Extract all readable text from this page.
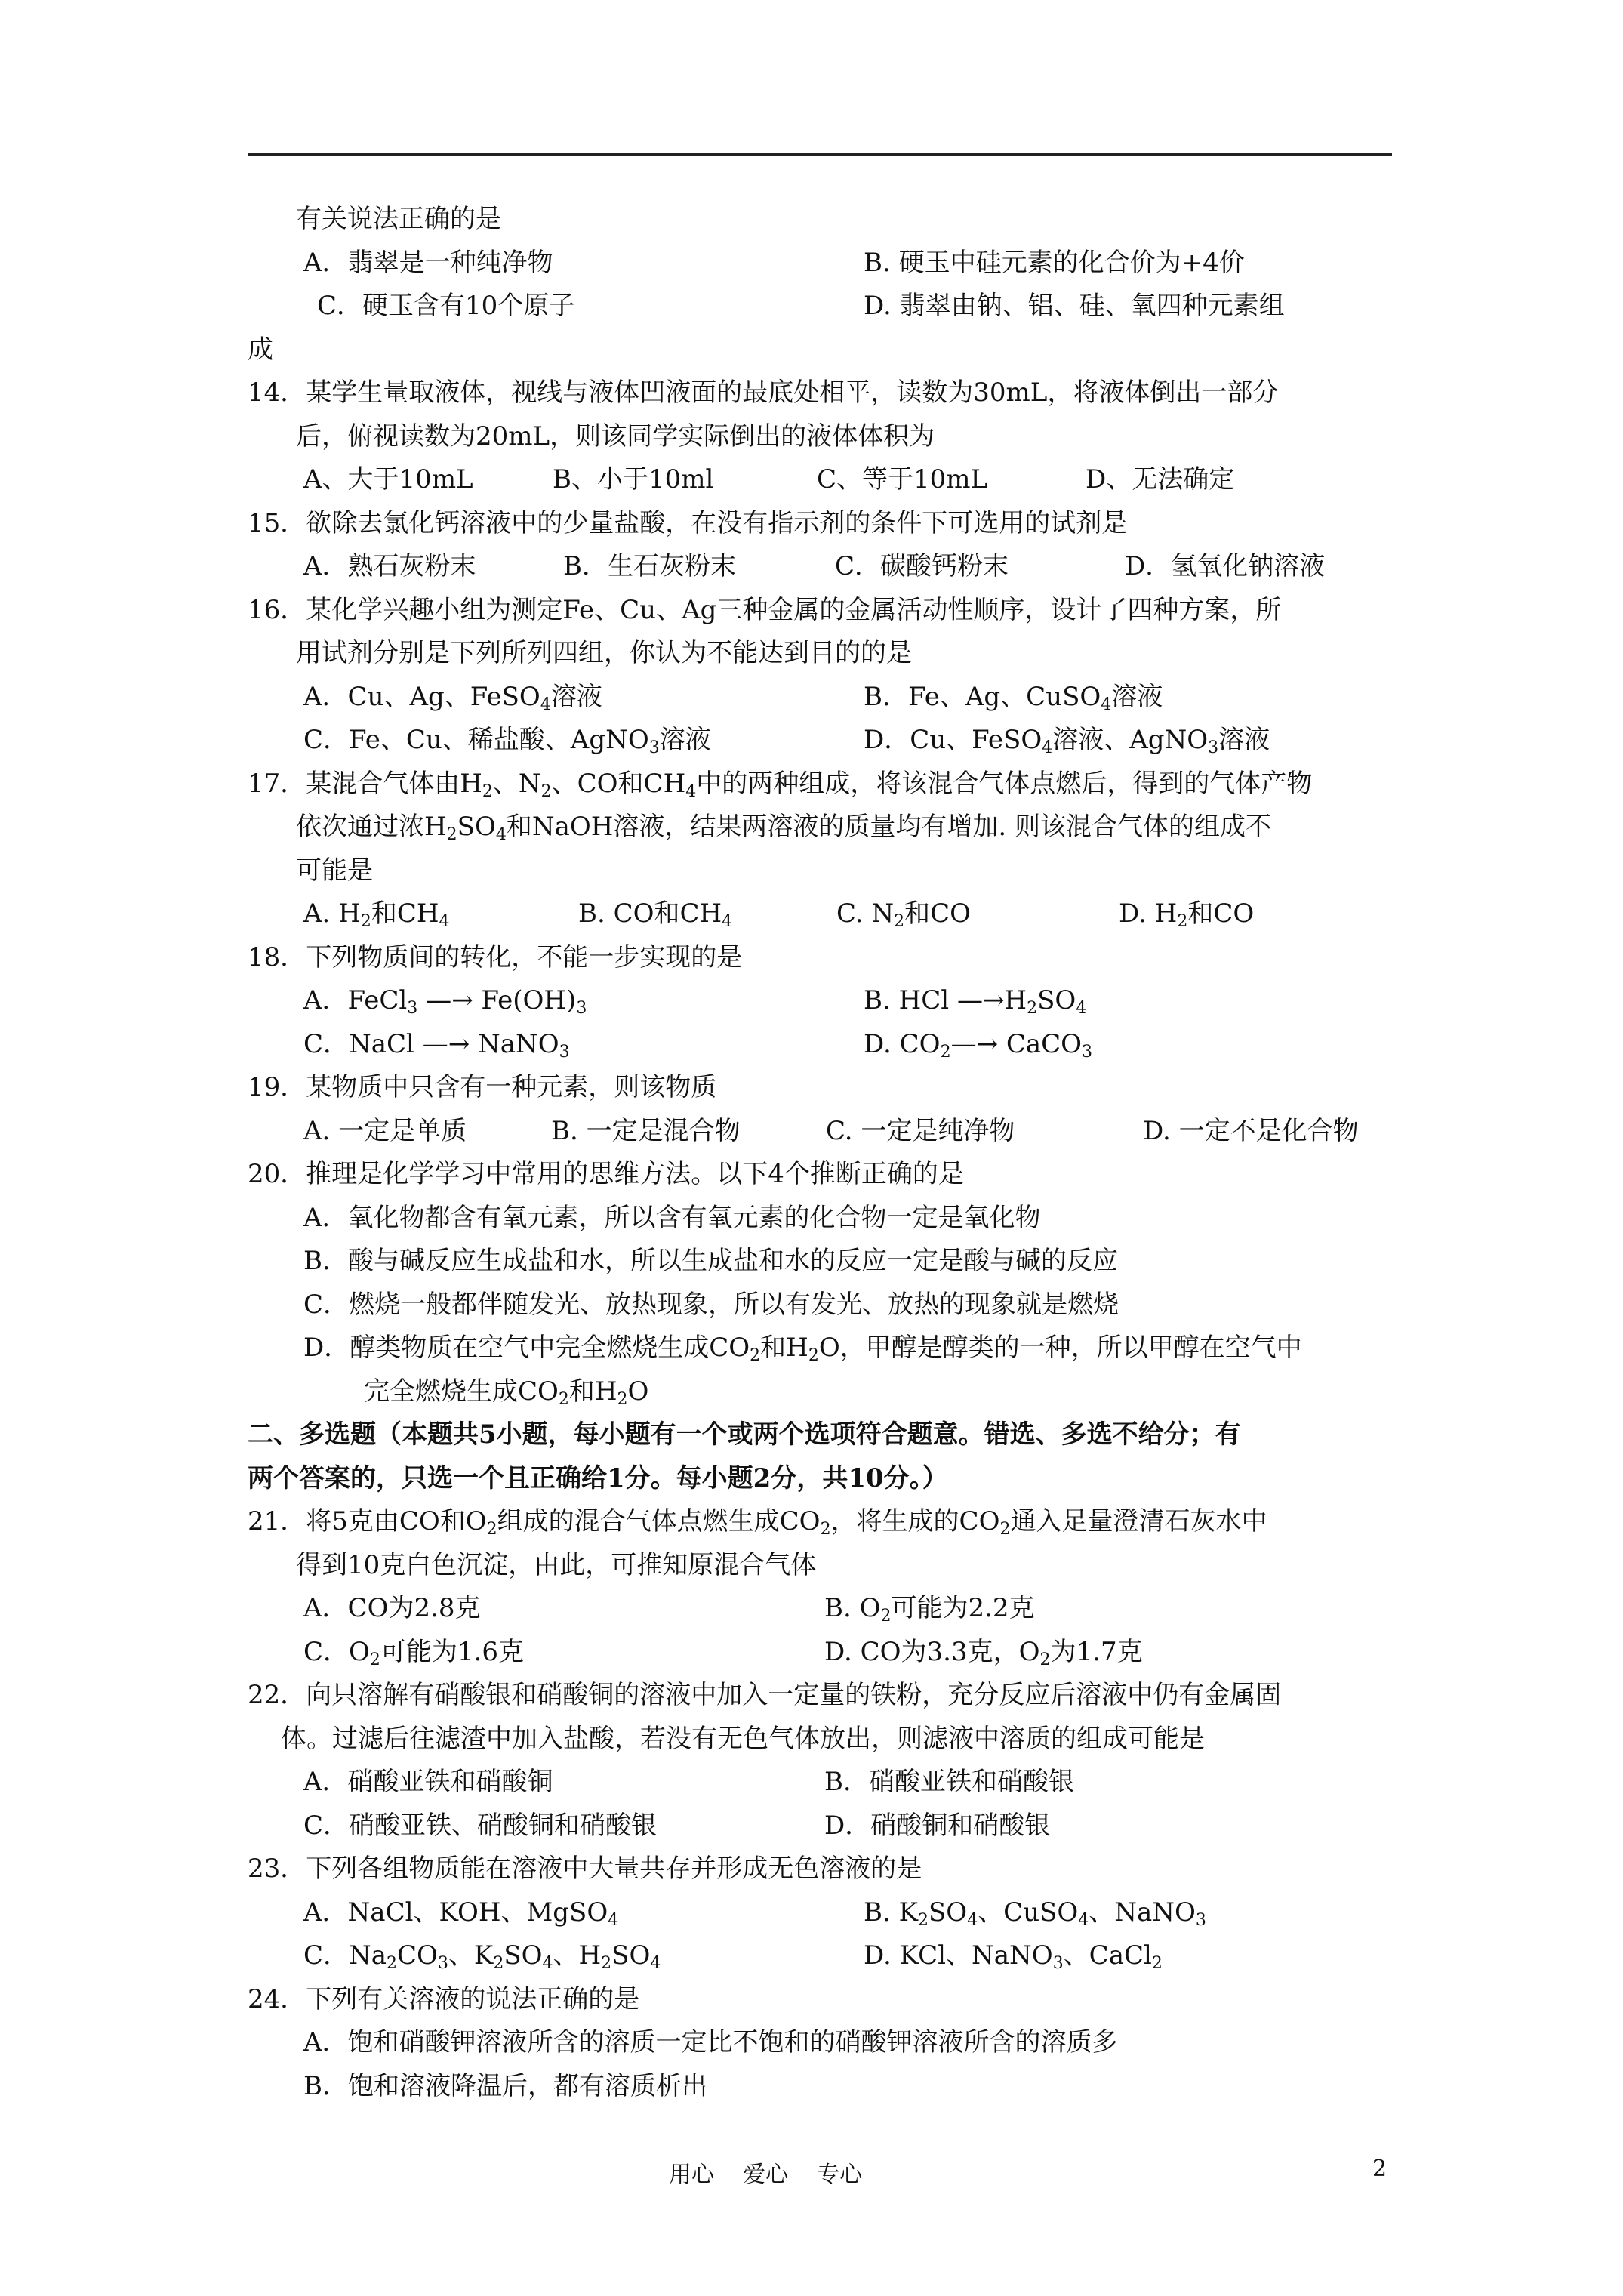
有关说法正确的是
A．翡翠是一种纯净物	B. 硬玉中硅元素的化合价为+4价
C．硬玉含有10个原子	D. 翡翠由钠、铝、硅、氧四种元素组
成
14．某学生量取液体，视线与液体凹液面的最底处相平，读数为30mL，将液体倒出一部分
后，俯视读数为20mL，则该同学实际倒出的液体体积为
A、大于10mL	B、小于10ml	C、等于10mL	D、无法确定
15．欲除去氯化钙溶液中的少量盐酸，在没有指示剂的条件下可选用的试剂是
A．熟石灰粉末	B．生石灰粉末	C．碳酸钙粉末	D．氢氧化钠溶液
16．某化学兴趣小组为测定Fe、Cu、Ag三种金属的金属活动性顺序，设计了四种方案，所
用试剂分别是下列所列四组，你认为不能达到目的的是
A．Cu、Ag、FeSO$_4$溶液	B．Fe、Ag、CuSO$_4$溶液
C．Fe、Cu、稀盐酸、AgNO$_3$溶液	D．Cu、FeSO$_4$溶液、AgNO$_3$溶液
17．某混合气体由$H_2$、$N_2$、CO和$CH_4$中的两种组成，将该混合气体点燃后，得到的气体产物
依次通过浓$H_2SO_4$和NaOH溶液，结果两溶液的质量均有增加. 则该混合气体的组成不
可能是
A. $H_2$和$CH_4$	B. CO和$CH_4$	C. $N_2$和CO	D. $H_2$和CO
18．下列物质间的转化，不能一步实现的是
A．FeCl$_3$ —→ $Fe(OH)_3$	B. HCl $—\to H_2SO_4$
C．NaCl —→ NaNO$_3$	D. $CO_2—\to$ CaCO$_3$
19．某物质中只含有一种元素，则该物质
A. 一定是单质	B. 一定是混合物	C. 一定是纯净物	D. 一定不是化合物
20．推理是化学学习中常用的思维方法。以下4个推断正确的是
A．氧化物都含有氧元素，所以含有氧元素的化合物一定是氧化物
B．酸与碱反应生成盐和水，所以生成盐和水的反应一定是酸与碱的反应
C．燃烧一般都伴随发光、放热现象，所以有发光、放热的现象就是燃烧
D．醇类物质在空气中完全燃烧生成$CO_2$和$H_2O$，甲醇是醇类的一种，所以甲醇在空气中
完全燃烧生成$CO_2$和$H_2O$
二、多选题（本题共5小题，每小题有一个或两个选项符合题意。错选、多选不给分；有
两个答案的，只选一个且正确给1分。每小题2分，共10分。）
21．将5克由CO和$O_2$组成的混合气体点燃生成$CO_2$，将生成的$CO_2$通入足量澄清石灰水中
得到10克白色沉淀，由此，可推知原混合气体
A．CO为2.8克	B. $O_2$可能为2.2克
C．$O_2$可能为1.6克	D. CO为3.3克，$O_2$为1.7克
22．向只溶解有硝酸银和硝酸铜的溶液中加入一定量的铁粉，充分反应后溶液中仍有金属固
体。过滤后往滤渣中加入盐酸，若没有无色气体放出，则滤液中溶质的组成可能是
A．硝酸亚铁和硝酸铜	B．硝酸亚铁和硝酸银
C．硝酸亚铁、硝酸铜和硝酸银	D．硝酸铜和硝酸银
23．下列各组物质能在溶液中大量共存并形成无色溶液的是
A．NaCl、KOH、MgSO$_4$	B. $K_2SO_4$、CuSO$_4$、NaNO$_3$
C．$Na_2CO_3$、$K_2SO_4$、$H_2SO_4$	D. KCl、NaNO$_3$、CaCl$_2$
24．下列有关溶液的说法正确的是
A．饱和硝酸钾溶液所含的溶质一定比不饱和的硝酸钾溶液所含的溶质多
B．饱和溶液降温后，都有溶质析出
用心    爱心    专心	2
